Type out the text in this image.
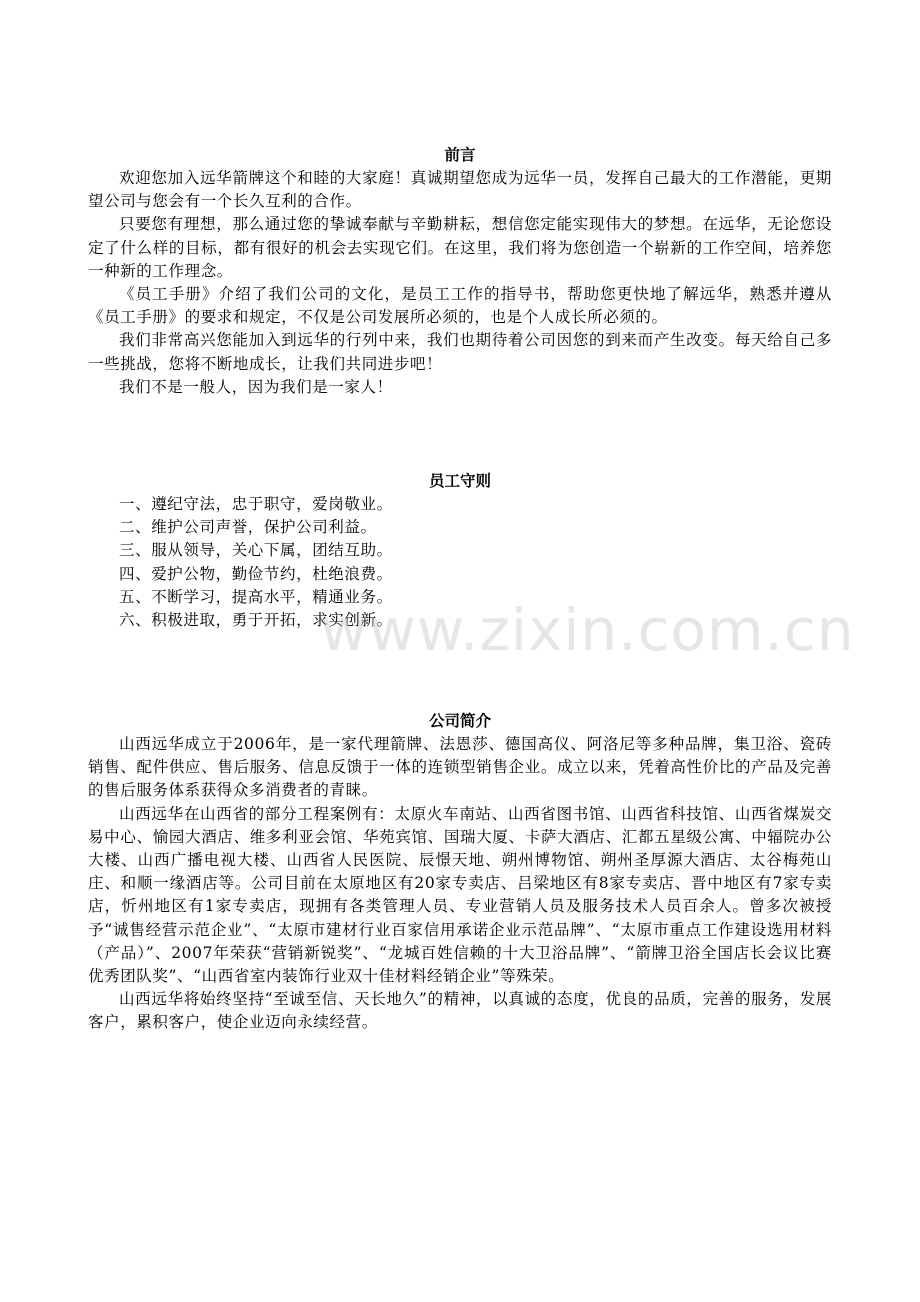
前言

欢迎您加入远华箭牌这个和睦的大家庭！真诚期望您成为远华一员，发挥自己最大的工作潜能，更期望公司与您会有一个长久互利的合作。

只要您有理想，那么通过您的挚诚奉献与辛勤耕耘，想信您定能实现伟大的梦想。在远华，无论您设定了什么样的目标，都有很好的机会去实现它们。在这里，我们将为您创造一个崭新的工作空间，培养您一种新的工作理念。

《员工手册》介绍了我们公司的文化，是员工工作的指导书，帮助您更快地了解远华，熟悉并遵从《员工手册》的要求和规定，不仅是公司发展所必须的，也是个人成长所必须的。

我们非常高兴您能加入到远华的行列中来，我们也期待着公司因您的到来而产生改变。每天给自己多一些挑战，您将不断地成长，让我们共同进步吧！

我们不是一般人，因为我们是一家人！

员工守则

一、遵纪守法，忠于职守，爱岗敬业。

二、维护公司声誉，保护公司利益。

三、服从领导，关心下属，团结互助。

四、爱护公物，勤俭节约，杜绝浪费。

五、不断学习，提高水平，精通业务。

六、积极进取，勇于开拓，求实创新。

公司简介

山西远华成立于2006年，是一家代理箭牌、法恩莎、德国高仪、阿洛尼等多种品牌，集卫浴、瓷砖销售、配件供应、售后服务、信息反馈于一体的连锁型销售企业。成立以来，凭着高性价比的产品及完善的售后服务体系获得众多消费者的青睐。

山西远华在山西省的部分工程案例有：太原火车南站、山西省图书馆、山西省科技馆、山西省煤炭交易中心、愉园大酒店、维多利亚会馆、华苑宾馆、国瑞大厦、卡萨大酒店、汇都五星级公寓、中辐院办公大楼、山西广播电视大楼、山西省人民医院、辰憬天地、朔州博物馆、朔州圣厚源大酒店、太谷梅苑山庄、和顺一缘酒店等。公司目前在太原地区有20家专卖店、吕梁地区有8家专卖店、晋中地区有7家专卖店，忻州地区有1家专卖店，现拥有各类管理人员、专业营销人员及服务技术人员百余人。曾多次被授予“诚售经营示范企业”、“太原市建材行业百家信用承诺企业示范品牌”、“太原市重点工作建设选用材料（产品）”、2007年荣获“营销新锐奖”、“龙城百姓信赖的十大卫浴品牌”、“箭牌卫浴全国店长会议比赛优秀团队奖”、“山西省室内装饰行业双十佳材料经销企业”等殊荣。

山西远华将始终坚持“至诚至信、天长地久”的精神，以真诚的态度，优良的品质，完善的服务，发展客户，累积客户，使企业迈向永续经营。

www.zixin.com.cn
